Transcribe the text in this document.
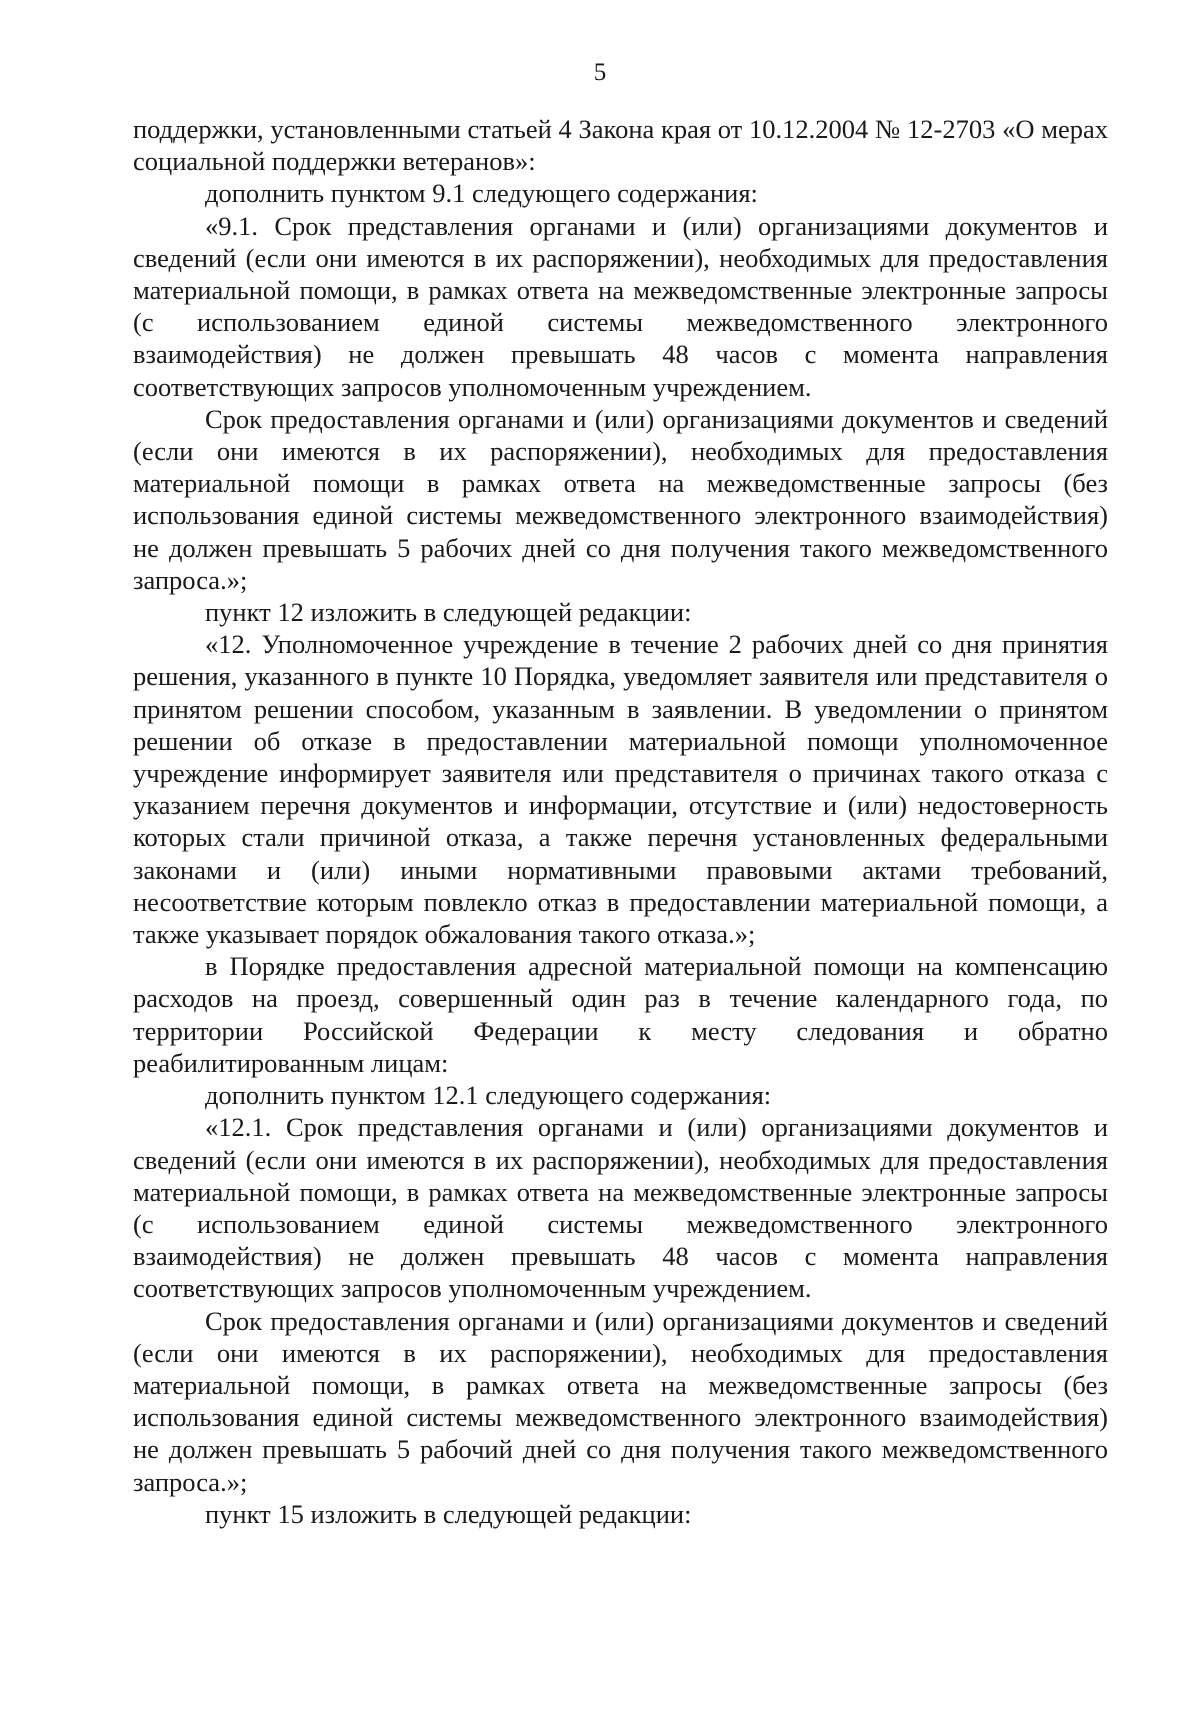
5

поддержки, установленными статьей 4 Закона края от 10.12.2004 № 12-2703 «О мерах социальной поддержки ветеранов»:

дополнить пунктом 9.1 следующего содержания:

«9.1. Срок представления органами и (или) организациями документов и сведений (если они имеются в их распоряжении), необходимых для предоставления материальной помощи, в рамках ответа на межведомственные электронные запросы (с использованием единой системы межведомственного электронного взаимодействия) не должен превышать 48 часов с момента направления соответствующих запросов уполномоченным учреждением.

Срок предоставления органами и (или) организациями документов и сведений (если они имеются в их распоряжении), необходимых для предоставления материальной помощи в рамках ответа на межведомственные запросы (без использования единой системы межведомственного электронного взаимодействия) не должен превышать 5 рабочих дней со дня получения такого межведомственного запроса.»;

пункт 12 изложить в следующей редакции:

«12. Уполномоченное учреждение в течение 2 рабочих дней со дня принятия решения, указанного в пункте 10 Порядка, уведомляет заявителя или представителя о принятом решении способом, указанным в заявлении. В уведомлении о принятом решении об отказе в предоставлении материальной помощи уполномоченное учреждение информирует заявителя или представителя о причинах такого отказа с указанием перечня документов и информации, отсутствие и (или) недостоверность которых стали причиной отказа, а также перечня установленных федеральными законами и (или) иными нормативными правовыми актами требований, несоответствие которым повлекло отказ в предоставлении материальной помощи, а также указывает порядок обжалования такого отказа.»;

в Порядке предоставления адресной материальной помощи на компенсацию расходов на проезд, совершенный один раз в течение календарного года, по территории Российской Федерации к месту следования и обратно реабилитированным лицам:

дополнить пунктом 12.1 следующего содержания:

«12.1. Срок представления органами и (или) организациями документов и сведений (если они имеются в их распоряжении), необходимых для предоставления материальной помощи, в рамках ответа на межведомственные электронные запросы (с использованием единой системы межведомственного электронного взаимодействия) не должен превышать 48 часов с момента направления соответствующих запросов уполномоченным учреждением.

Срок предоставления органами и (или) организациями документов и сведений (если они имеются в их распоряжении), необходимых для предоставления материальной помощи, в рамках ответа на межведомственные запросы (без использования единой системы межведомственного электронного взаимодействия) не должен превышать 5 рабочий дней со дня получения такого межведомственного запроса.»;

пункт 15 изложить в следующей редакции:
